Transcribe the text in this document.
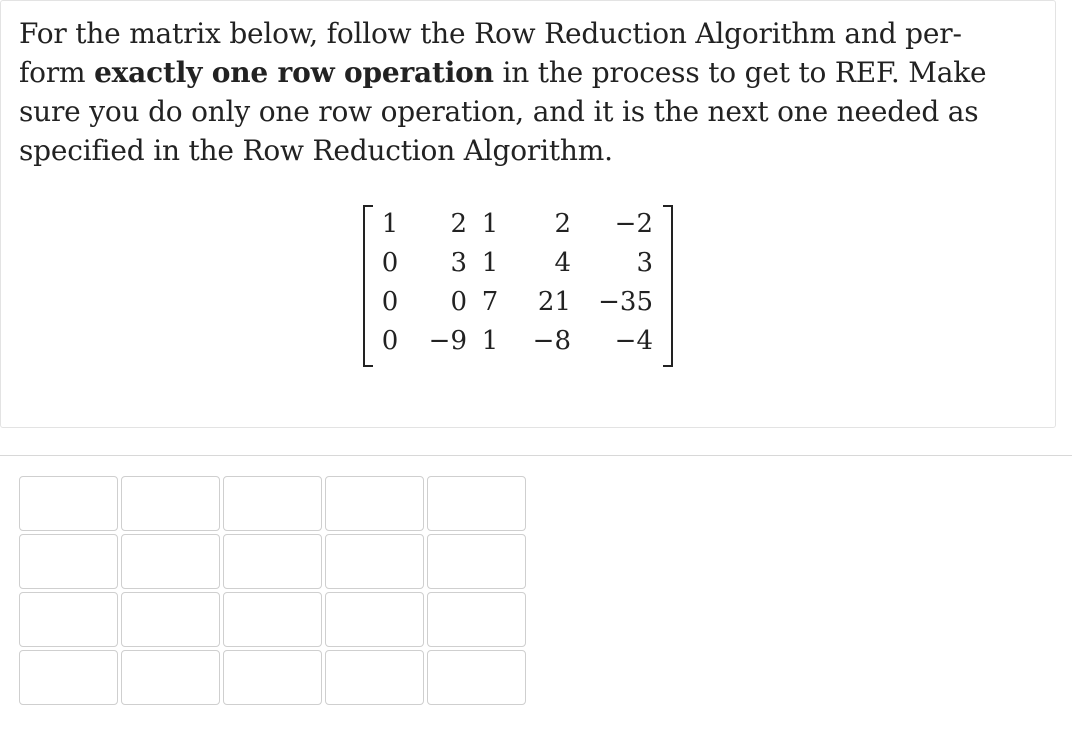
For the matrix below, follow the Row Reduction Algorithm and per-
form exactly one row operation in the process to get to REF. Make
sure you do only one row operation, and it is the next one needed as
specified in the Row Reduction Algorithm.

1	2	1	2	−2
0	3	1	4	3
0	0	7	21	−35
0	−9	1	−8	−4
